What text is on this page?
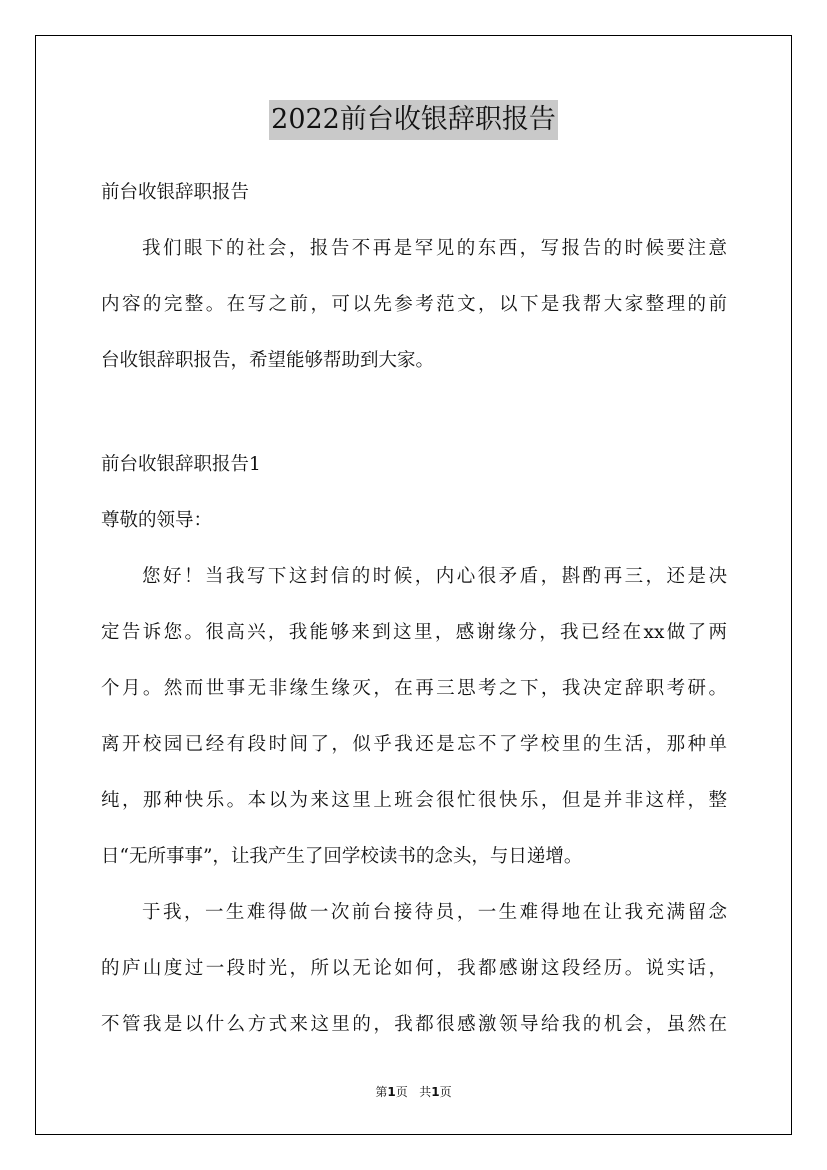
2022前台收银辞职报告
前台收银辞职报告
我们眼下的社会，报告不再是罕见的东西，写报告的时候要注意
内容的完整。在写之前，可以先参考范文，以下是我帮大家整理的前
台收银辞职报告，希望能够帮助到大家。
前台收银辞职报告1
尊敬的领导：
您好！当我写下这封信的时候，内心很矛盾，斟酌再三，还是决
定告诉您。很高兴，我能够来到这里，感谢缘分，我已经在xx做了两
个月。然而世事无非缘生缘灭，在再三思考之下，我决定辞职考研。
离开校园已经有段时间了，似乎我还是忘不了学校里的生活，那种单
纯，那种快乐。本以为来这里上班会很忙很快乐，但是并非这样，整
日“无所事事”，让我产生了回学校读书的念头，与日递增。
于我，一生难得做一次前台接待员，一生难得地在让我充满留念
的庐山度过一段时光，所以无论如何，我都感谢这段经历。说实话，
不管我是以什么方式来这里的，我都很感激领导给我的机会，虽然在
第1页 共1页
